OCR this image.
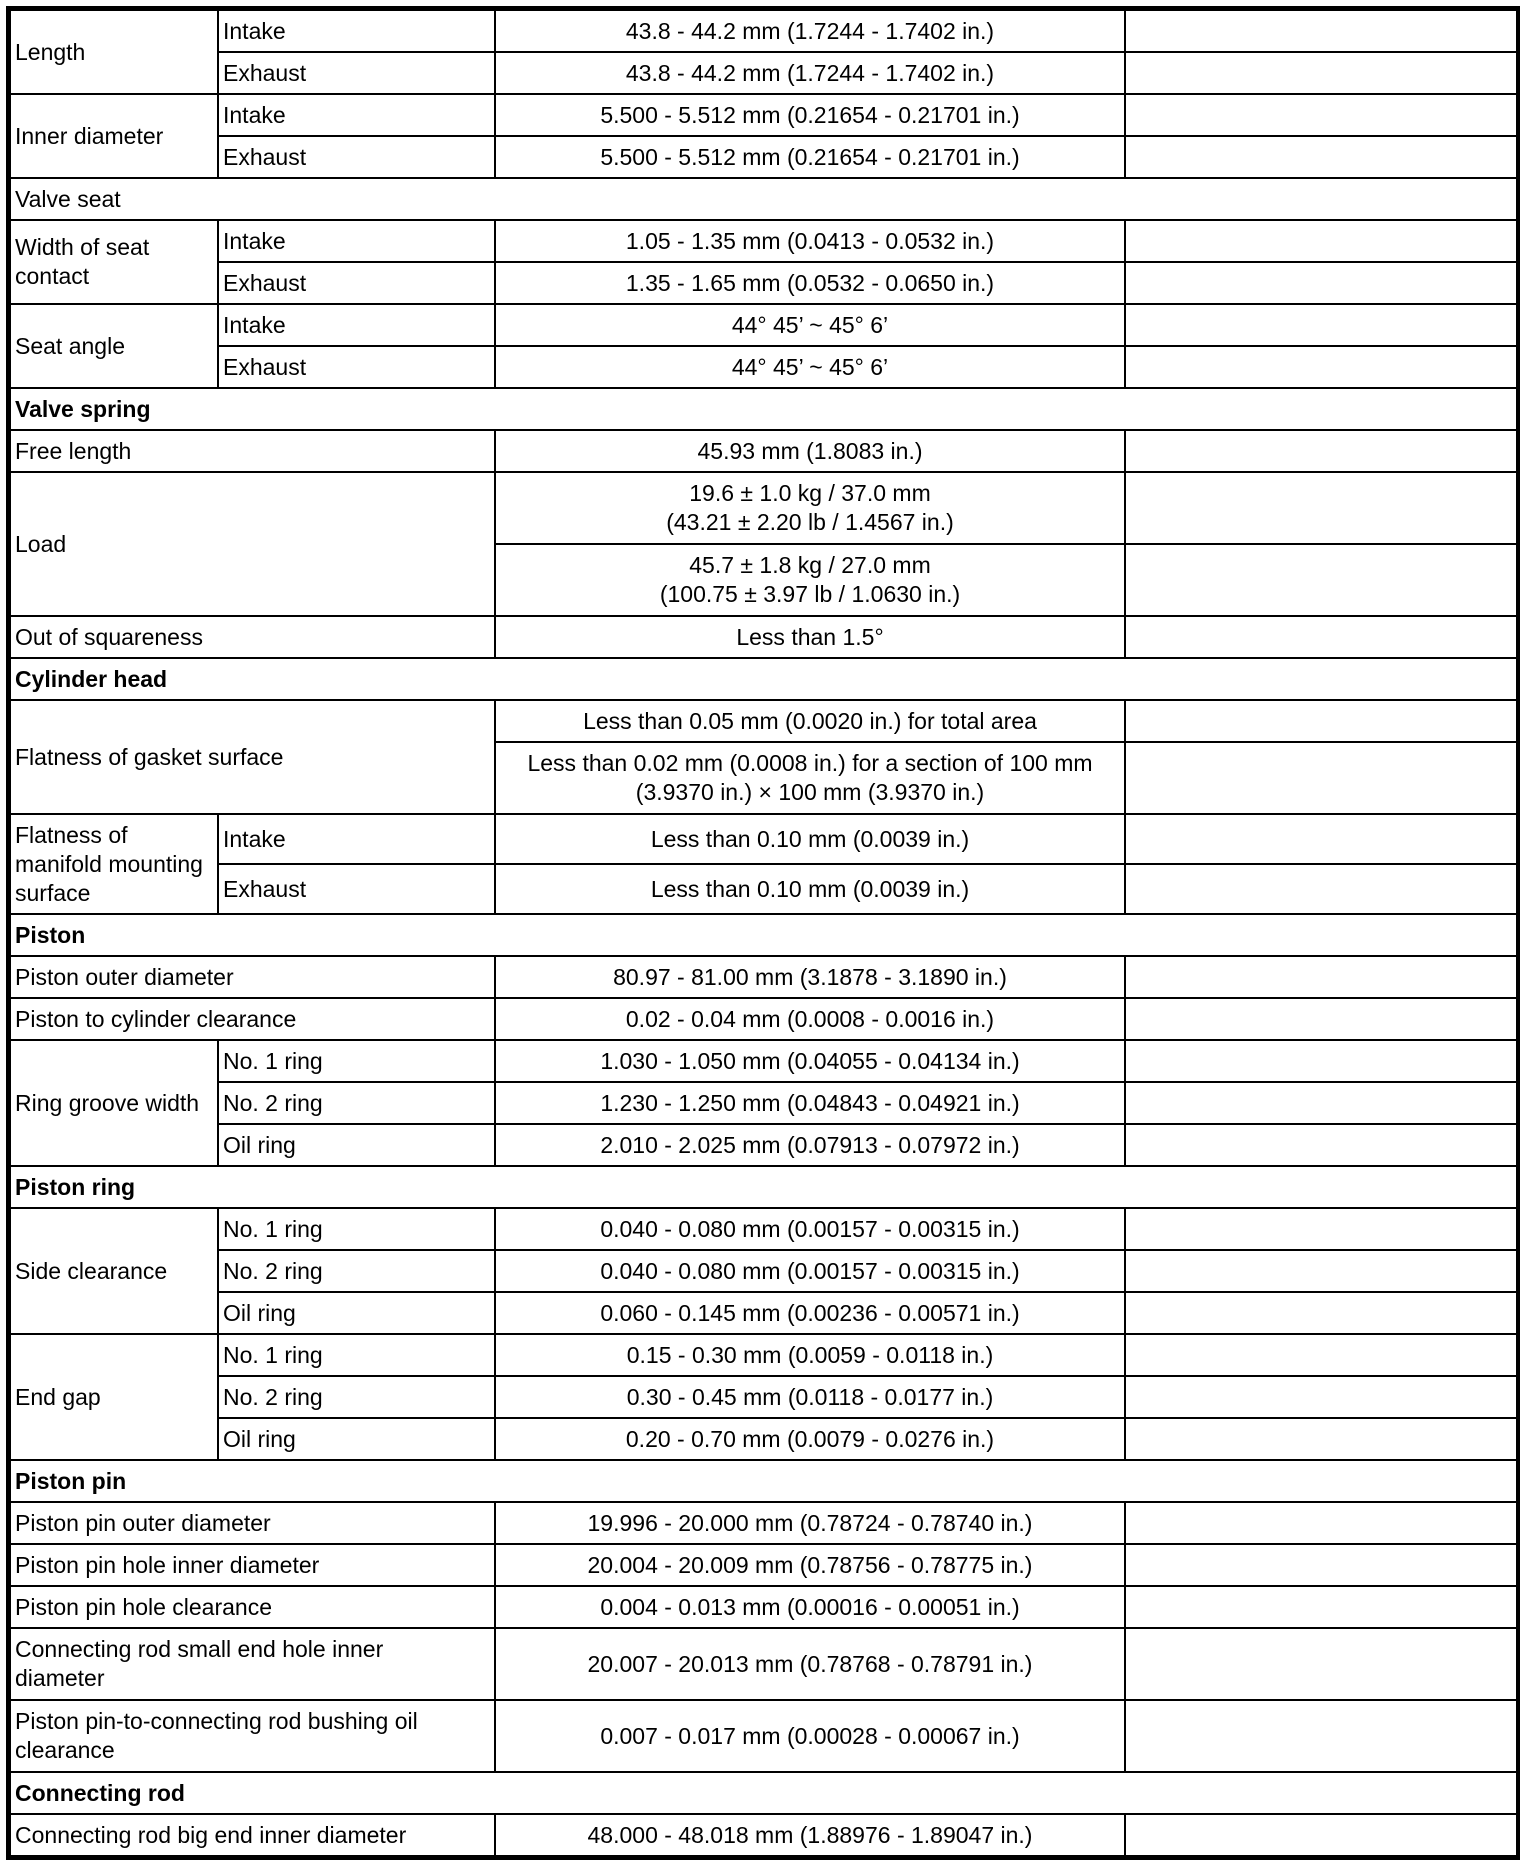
Length	Intake	43.8 - 44.2 mm (1.7244 - 1.7402 in.)	
	Exhaust	43.8 - 44.2 mm (1.7244 - 1.7402 in.)	
Inner diameter	Intake	5.500 - 5.512 mm (0.21654 - 0.21701 in.)	
	Exhaust	5.500 - 5.512 mm (0.21654 - 0.21701 in.)	
Valve seat			
Width of seat contact	Intake	1.05 - 1.35 mm (0.0413 - 0.0532 in.)	
	Exhaust	1.35 - 1.65 mm (0.0532 - 0.0650 in.)	
Seat angle	Intake	44° 45’ ~ 45° 6’	
	Exhaust	44° 45’ ~ 45° 6’	
Valve spring			
Free length		45.93 mm (1.8083 in.)	
Load		19.6 ± 1.0 kg / 37.0 mm
(43.21 ± 2.20 lb / 1.4567 in.)	
		45.7 ± 1.8 kg / 27.0 mm
(100.75 ± 3.97 lb / 1.0630 in.)	
Out of squareness		Less than 1.5°	
Cylinder head			
Flatness of gasket surface		Less than 0.05 mm (0.0020 in.) for total area	
		Less than 0.02 mm (0.0008 in.) for a section of 100 mm
(3.9370 in.) × 100 mm (3.9370 in.)	
Flatness of manifold mounting surface	Intake	Less than 0.10 mm (0.0039 in.)	
	Exhaust	Less than 0.10 mm (0.0039 in.)	
Piston			
Piston outer diameter		80.97 - 81.00 mm (3.1878 - 3.1890 in.)	
Piston to cylinder clearance		0.02 - 0.04 mm (0.0008 - 0.0016 in.)	
Ring groove width	No. 1 ring	1.030 - 1.050 mm (0.04055 - 0.04134 in.)	
	No. 2 ring	1.230 - 1.250 mm (0.04843 - 0.04921 in.)	
	Oil ring	2.010 - 2.025 mm (0.07913 - 0.07972 in.)	
Piston ring			
Side clearance	No. 1 ring	0.040 - 0.080 mm (0.00157 - 0.00315 in.)	
	No. 2 ring	0.040 - 0.080 mm (0.00157 - 0.00315 in.)	
	Oil ring	0.060 - 0.145 mm (0.00236 - 0.00571 in.)	
End gap	No. 1 ring	0.15 - 0.30 mm (0.0059 - 0.0118 in.)	
	No. 2 ring	0.30 - 0.45 mm (0.0118 - 0.0177 in.)	
	Oil ring	0.20 - 0.70 mm (0.0079 - 0.0276 in.)	
Piston pin			
Piston pin outer diameter		19.996 - 20.000 mm (0.78724 - 0.78740 in.)	
Piston pin hole inner diameter		20.004 - 20.009 mm (0.78756 - 0.78775 in.)	
Piston pin hole clearance		0.004 - 0.013 mm (0.00016 - 0.00051 in.)	
Connecting rod small end hole inner
diameter		20.007 - 20.013 mm (0.78768 - 0.78791 in.)	
Piston pin-to-connecting rod bushing oil
clearance		0.007 - 0.017 mm (0.00028 - 0.00067 in.)	
Connecting rod			
Connecting rod big end inner diameter		48.000 - 48.018 mm (1.88976 - 1.89047 in.)	
